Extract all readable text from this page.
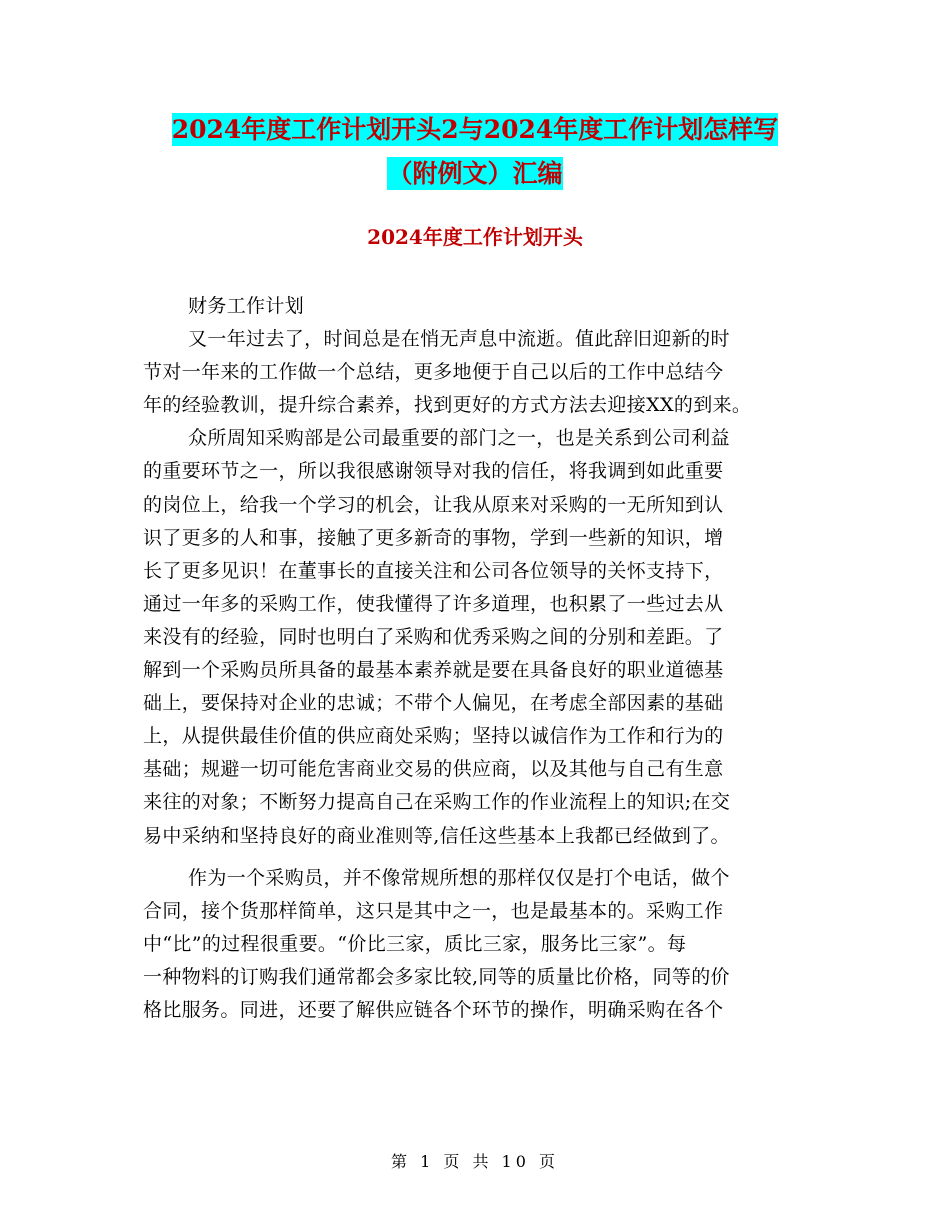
2024年度工作计划开头2与2024年度工作计划怎样写
（附例文）汇编
2024年度工作计划开头
财务工作计划
又一年过去了，时间总是在悄无声息中流逝。值此辞旧迎新的时
节对一年来的工作做一个总结，更多地便于自己以后的工作中总结今
年的经验教训，提升综合素养，找到更好的方式方法去迎接XX的到来。
众所周知采购部是公司最重要的部门之一，也是关系到公司利益
的重要环节之一，所以我很感谢领导对我的信任，将我调到如此重要
的岗位上，给我一个学习的机会，让我从原来对采购的一无所知到认
识了更多的人和事，接触了更多新奇的事物，学到一些新的知识，增
长了更多见识！在董事长的直接关注和公司各位领导的关怀支持下，
通过一年多的采购工作，使我懂得了许多道理，也积累了一些过去从
来没有的经验，同时也明白了采购和优秀采购之间的分别和差距。了
解到一个采购员所具备的最基本素养就是要在具备良好的职业道德基
础上，要保持对企业的忠诚；不带个人偏见，在考虑全部因素的基础
上，从提供最佳价值的供应商处采购；坚持以诚信作为工作和行为的
基础；规避一切可能危害商业交易的供应商，以及其他与自己有生意
来往的对象；不断努力提高自己在采购工作的作业流程上的知识;在交
易中采纳和坚持良好的商业准则等,信任这些基本上我都已经做到了。
作为一个采购员，并不像常规所想的那样仅仅是打个电话，做个
合同，接个货那样简单，这只是其中之一，也是最基本的。采购工作
中“比”的过程很重要。“价比三家，质比三家，服务比三家”。每
一种物料的订购我们通常都会多家比较,同等的质量比价格，同等的价
格比服务。同进，还要了解供应链各个环节的操作，明确采购在各个
第 1 页 共 10 页
